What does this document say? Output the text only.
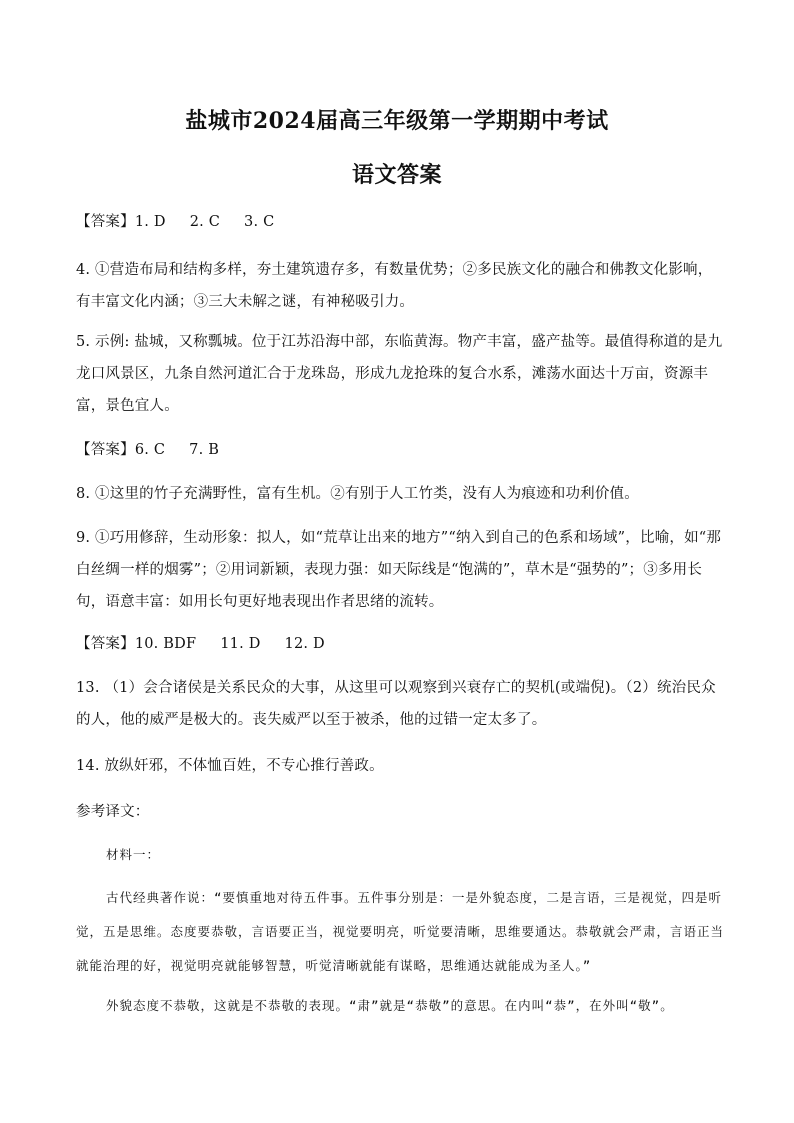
盐城市2024届高三年级第一学期期中考试
语文答案
【答案】1. D 2. C 3. C
4. ①营造布局和结构多样，夯土建筑遗存多，有数量优势；②多民族文化的融合和佛教文化影响，有丰富文化内涵；③三大未解之谜，有神秘吸引力。
5. 示例: 盐城，又称瓢城。位于江苏沿海中部，东临黄海。物产丰富，盛产盐等。最值得称道的是九龙口风景区，九条自然河道汇合于龙珠岛，形成九龙抢珠的复合水系，滩荡水面达十万亩，资源丰富，景色宜人。
【答案】6. C 7. B
8. ①这里的竹子充满野性，富有生机。②有别于人工竹类，没有人为痕迹和功利价值。
9. ①巧用修辞，生动形象：拟人，如“荒草让出来的地方”“纳入到自己的色系和场域”，比喻，如“那白丝绸一样的烟雾”；②用词新颖，表现力强：如天际线是“饱满的”，草木是“强势的”；③多用长句，语意丰富：如用长句更好地表现出作者思绪的流转。
【答案】10. BDF 11. D 12. D
13. （1）会合诸侯是关系民众的大事，从这里可以观察到兴衰存亡的契机(或端倪)。（2）统治民众的人，他的威严是极大的。丧失威严以至于被杀，他的过错一定太多了。
14. 放纵奸邪，不体恤百姓，不专心推行善政。
参考译文：
材料一：
古代经典著作说：“要慎重地对待五件事。五件事分别是：一是外貌态度，二是言语，三是视觉，四是听觉，五是思维。态度要恭敬，言语要正当，视觉要明亮，听觉要清晰，思维要通达。恭敬就会严肃，言语正当就能治理的好，视觉明亮就能够智慧，听觉清晰就能有谋略，思维通达就能成为圣人。”
外貌态度不恭敬，这就是不恭敬的表现。“肃”就是“恭敬”的意思。在内叫“恭”，在外叫“敬”。
